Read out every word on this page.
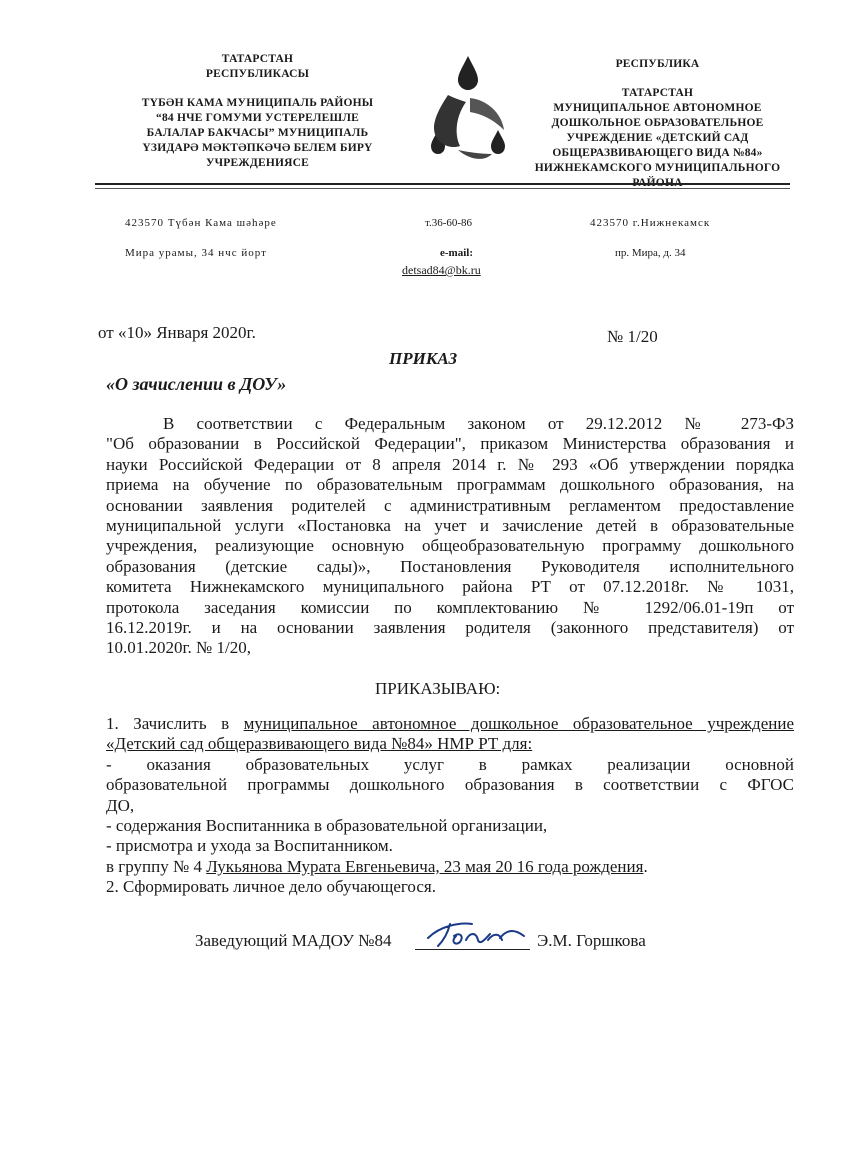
ТАТАРСТАН
РЕСПУБЛИКАСЫ
ТҮБӘН КАМА МУНИЦИПАЛЬ РАЙОНЫ
“84 НЧЕ ГОМУМИ УСТЕРЕЛЕШЛЕ
БАЛАЛАР БАКЧАСЫ” МУНИЦИПАЛЬ
ҮЗИДАРӘ МӘКТӘПКӘЧӘ БЕЛЕМ БИРҮ
УЧРЕЖДЕНИЯСЕ
РЕСПУБЛИКА
ТАТАРСТАН
МУНИЦИПАЛЬНОЕ АВТОНОМНОЕ
ДОШКОЛЬНОЕ ОБРАЗОВАТЕЛЬНОЕ
УЧРЕЖДЕНИЕ «ДЕТСКИЙ САД
ОБЩЕРАЗВИВАЮЩЕГО ВИДА №84»
НИЖНЕКАМСКОГО МУНИЦИПАЛЬНОГО
РАЙОНА
423570 Түбән Кама шәһәре
Мира урамы, 34 нчс йорт
т.36-60-86
e-mail:
detsad84@bk.ru
423570 г.Нижнекамск
пр. Мира, д. 34
от «10» Января 2020г.	№ 1/20
ПРИКАЗ
«О зачислении в ДОУ»
В соответствии с Федеральным законом от 29.12.2012 № 273-ФЗ
"Об образовании в Российской Федерации", приказом Министерства образования и
науки Российской Федерации от 8 апреля 2014 г. № 293 «Об утверждении порядка
приема на обучение по образовательным программам дошкольного образования, на
основании заявления родителей с административным регламентом предоставление
муниципальной услуги «Постановка на учет и зачисление детей в образовательные
учреждения, реализующие основную общеобразовательную программу дошкольного
образования (детские сады)», Постановления Руководителя исполнительного
комитета Нижнекамского муниципального района РТ от 07.12.2018г. № 1031,
протокола заседания комиссии по комплектованию № 1292/06.01-19п от
16.12.2019г. и на основании заявления родителя (законного представителя) от
10.01.2020г. № 1/20,
ПРИКАЗЫВАЮ:
1. Зачислить в муниципальное автономное дошкольное образовательное учреждение
«Детский сад общеразвивающего вида №84» НМР РТ для:
- оказания образовательных услуг в рамках реализации основной
образовательной программы дошкольного образования в соответствии с ФГОС
ДО,
- содержания Воспитанника в образовательной организации,
- присмотра и ухода за Воспитанником.
в группу № 4 Лукьянова Мурата Евгеньевича, 23 мая 20 16 года рождения.
2. Сформировать личное дело обучающегося.
Заведующий МАДОУ №84	Э.М. Горшкова
